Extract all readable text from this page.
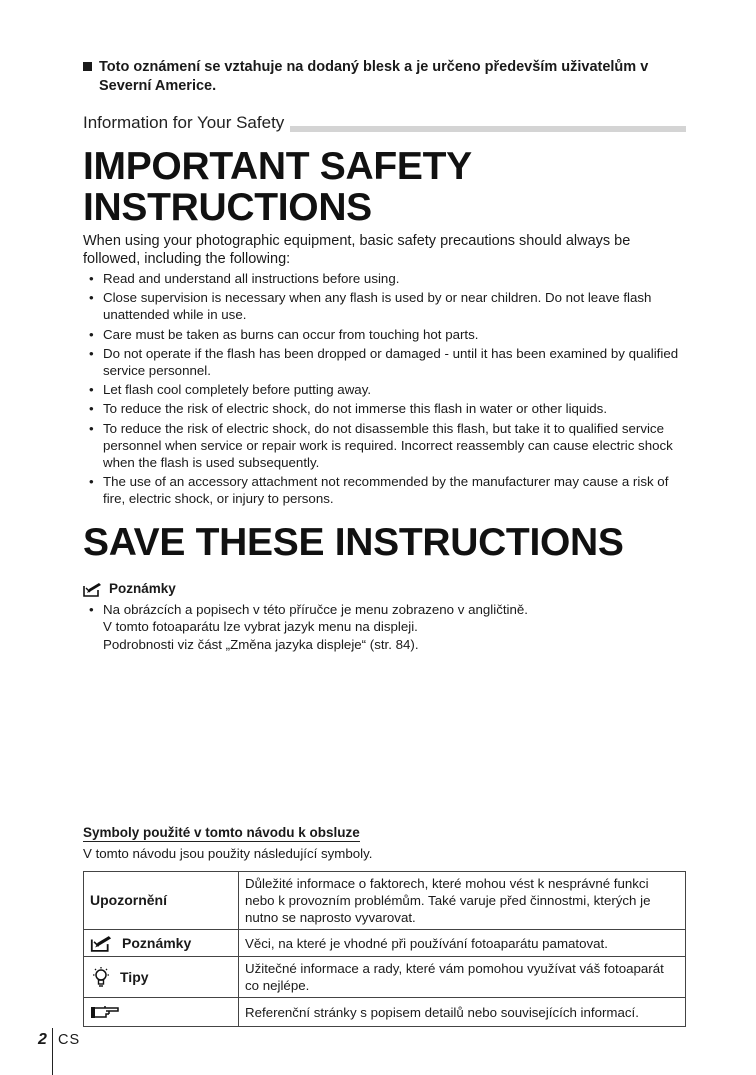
Toto oznámení se vztahuje na dodaný blesk a je určeno především uživatelům v Severní Americe.
Information for Your Safety
IMPORTANT SAFETY
INSTRUCTIONS
When using your photographic equipment, basic safety precautions should always be followed, including the following:
• Read and understand all instructions before using.
• Close supervision is necessary when any flash is used by or near children. Do not leave flash unattended while in use.
• Care must be taken as burns can occur from touching hot parts.
• Do not operate if the flash has been dropped or damaged - until it has been examined by qualified service personnel.
• Let flash cool completely before putting away.
• To reduce the risk of electric shock, do not immerse this flash in water or other liquids.
• To reduce the risk of electric shock, do not disassemble this flash, but take it to qualified service personnel when service or repair work is required. Incorrect reassembly can cause electric shock when the flash is used subsequently.
• The use of an accessory attachment not recommended by the manufacturer may cause a risk of fire, electric shock, or injury to persons.
SAVE THESE INSTRUCTIONS
Poznámky
• Na obrázcích a popisech v této příručce je menu zobrazeno v angličtině.
V tomto fotoaparátu lze vybrat jazyk menu na displeji.
Podrobnosti viz část „Změna jazyka displeje“ (str. 84).
Symboly použité v tomto návodu k obsluze
V tomto návodu jsou použity následující symboly.
Upozornění	Důležité informace o faktorech, které mohou vést k nesprávné funkci nebo k provozním problémům. Také varuje před činnostmi, kterých je nutno se naprosto vyvarovat.

Poznámky	Věci, na které je vhodné při používání fotoaparátu pamatovat.

Tipy	Užitečné informace a rady, které vám pomohou využívat váš fotoaparát co nejlépe.

	Referenční stránky s popisem detailů nebo souvisejících informací.
2 CS
